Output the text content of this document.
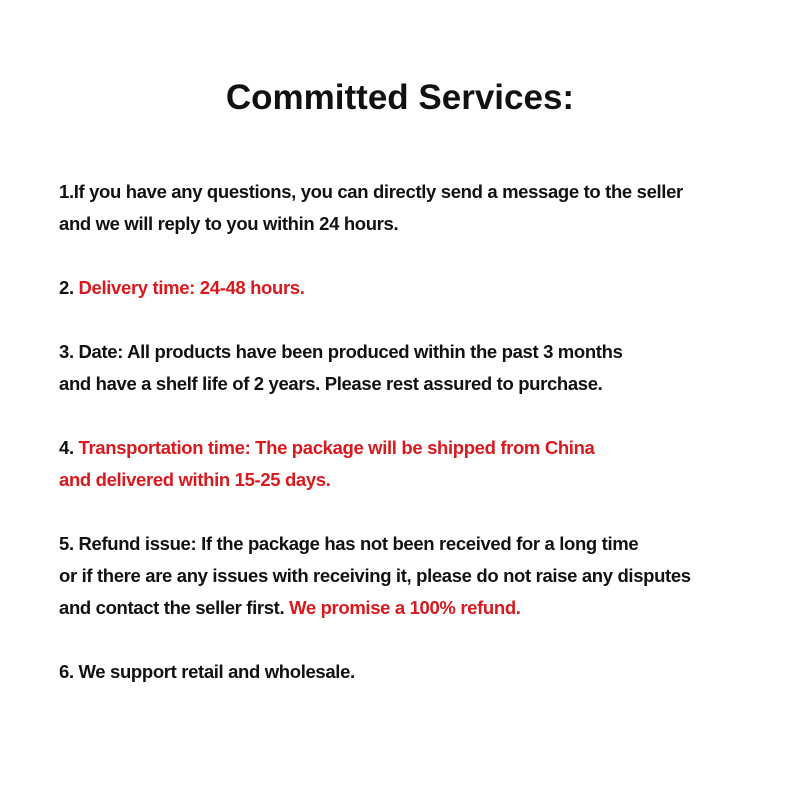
Committed Services:
1.If you have any questions, you can directly send a message to the seller
and we will reply to you within 24 hours.
2. Delivery time: 24-48 hours.
3. Date: All products have been produced within the past 3 months
and have a shelf life of 2 years. Please rest assured to purchase.
4. Transportation time: The package will be shipped from China
and delivered within 15-25 days.
5. Refund issue: If the package has not been received for a long time
or if there are any issues with receiving it, please do not raise any disputes
and contact the seller first. We promise a 100% refund.
6. We support retail and wholesale.
